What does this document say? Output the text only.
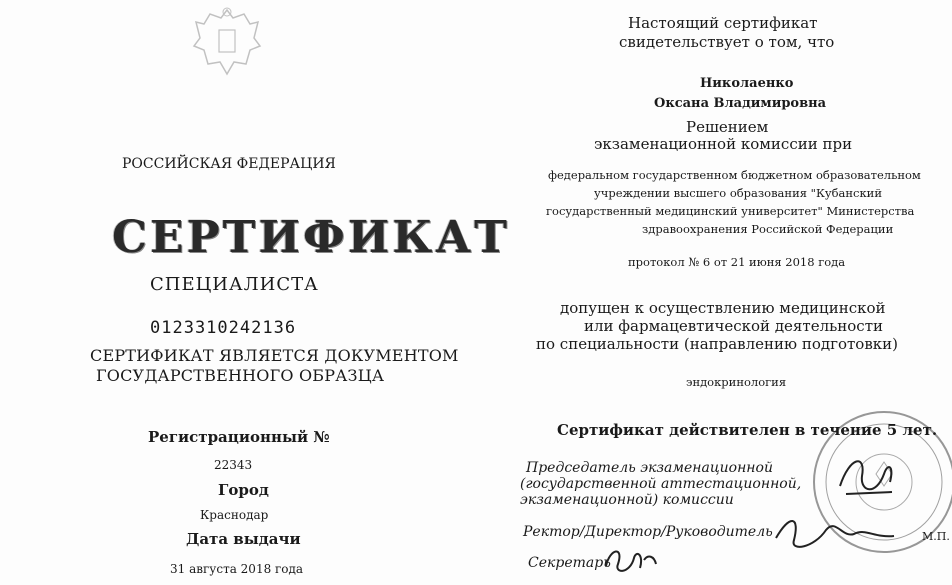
РОССИЙСКАЯ ФЕДЕРАЦИЯ
СЕРТИФИКАТ
СПЕЦИАЛИСТА
0123310242136
СЕРТИФИКАТ ЯВЛЯЕТСЯ ДОКУМЕНТОМ
ГОСУДАРСТВЕННОГО ОБРАЗЦА
Регистрационный №
22343
Город
Краснодар
Дата выдачи
31 августа 2018 года
Настоящий сертификат
свидетельствует о том, что
Николаенко
Оксана Владимировна
Решением
экзаменационной комиссии при
федеральном государственном бюджетном образовательном
учреждении высшего образования "Кубанский
государственный медицинский университет" Министерства
здравоохранения Российской Федерации
протокол № 6 от 21 июня 2018 года
допущен к осуществлению медицинской
или фармацевтической деятельности
по специальности (направлению подготовки)
эндокринология
Сертификат действителен в течение 5 лет.
Председатель экзаменационной
(государственной аттестационной,
экзаменационной) комиссии
Ректор/Директор/Руководитель
Секретарь
М.П.
